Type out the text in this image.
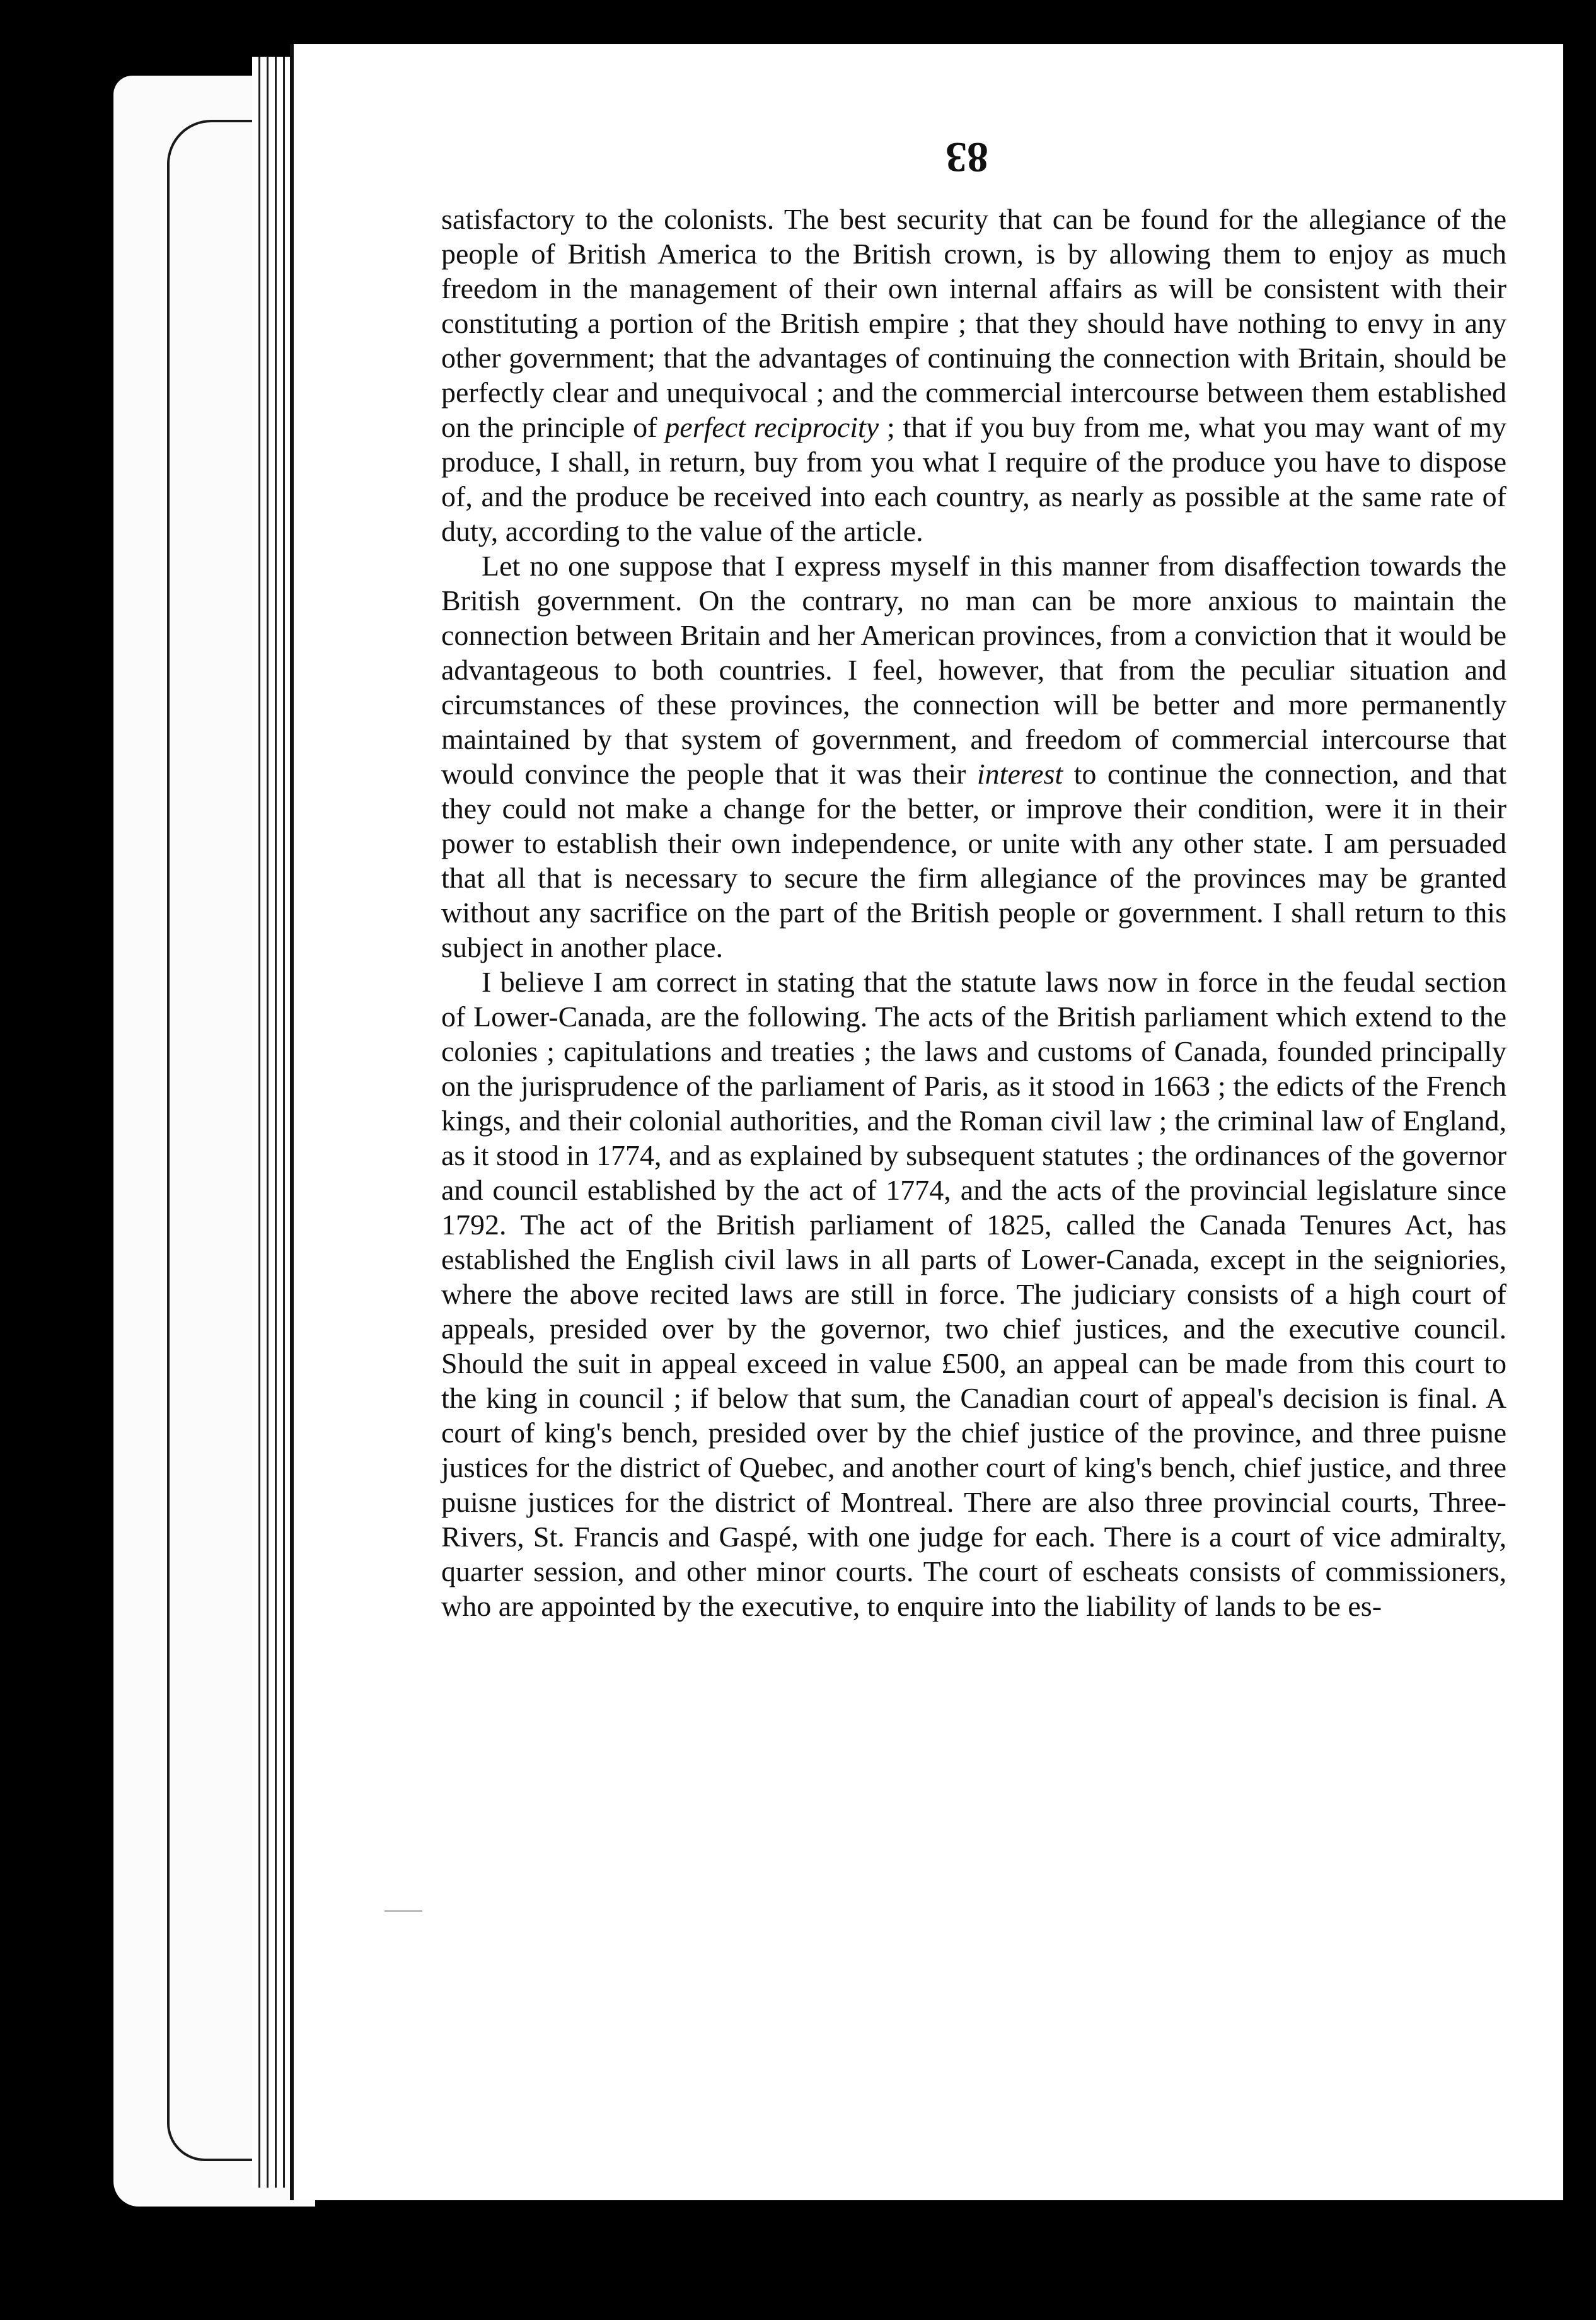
83

satisfactory to the colonists. The best security that can be found for the allegiance of the people of British America to the British crown, is by allowing them to enjoy as much freedom in the management of their own internal affairs as will be consistent with their constituting a portion of the British empire ; that they should have nothing to envy in any other government; that the advantages of continuing the connection with Britain, should be perfectly clear and unequivocal ; and the commercial intercourse between them established on the principle of perfect reciprocity ; that if you buy from me, what you may want of my produce, I shall, in return, buy from you what I require of the produce you have to dispose of, and the produce be received into each country, as nearly as possible at the same rate of duty, according to the value of the article.

Let no one suppose that I express myself in this manner from disaffection towards the British government. On the contrary, no man can be more anxious to maintain the connection between Britain and her American provinces, from a conviction that it would be advantageous to both countries. I feel, however, that from the peculiar situation and circumstances of these provinces, the connection will be better and more permanently maintained by that system of government, and freedom of commercial intercourse that would convince the people that it was their interest to continue the connection, and that they could not make a change for the better, or improve their condition, were it in their power to establish their own independence, or unite with any other state. I am persuaded that all that is necessary to secure the firm allegiance of the provinces may be granted without any sacrifice on the part of the British people or government. I shall return to this subject in another place.

I believe I am correct in stating that the statute laws now in force in the feudal section of Lower-Canada, are the following. The acts of the British parliament which extend to the colonies ; capitulations and treaties ; the laws and customs of Canada, founded principally on the jurisprudence of the parliament of Paris, as it stood in 1663 ; the edicts of the French kings, and their colonial authorities, and the Roman civil law ; the criminal law of England, as it stood in 1774, and as explained by subsequent statutes ; the ordinances of the governor and council established by the act of 1774, and the acts of the provincial legislature since 1792. The act of the British parliament of 1825, called the Canada Tenures Act, has established the English civil laws in all parts of Lower-Canada, except in the seigniories, where the above recited laws are still in force. The judiciary consists of a high court of appeals, presided over by the governor, two chief justices, and the executive council. Should the suit in appeal exceed in value £500, an appeal can be made from this court to the king in council ; if below that sum, the Canadian court of appeal's decision is final. A court of king's bench, presided over by the chief justice of the province, and three puisne justices for the district of Quebec, and another court of king's bench, chief justice, and three puisne justices for the district of Montreal. There are also three provincial courts, Three-Rivers, St. Francis and Gaspé, with one judge for each. There is a court of vice admiralty, quarter session, and other minor courts. The court of escheats consists of commissioners, who are appointed by the executive, to enquire into the liability of lands to be es-
